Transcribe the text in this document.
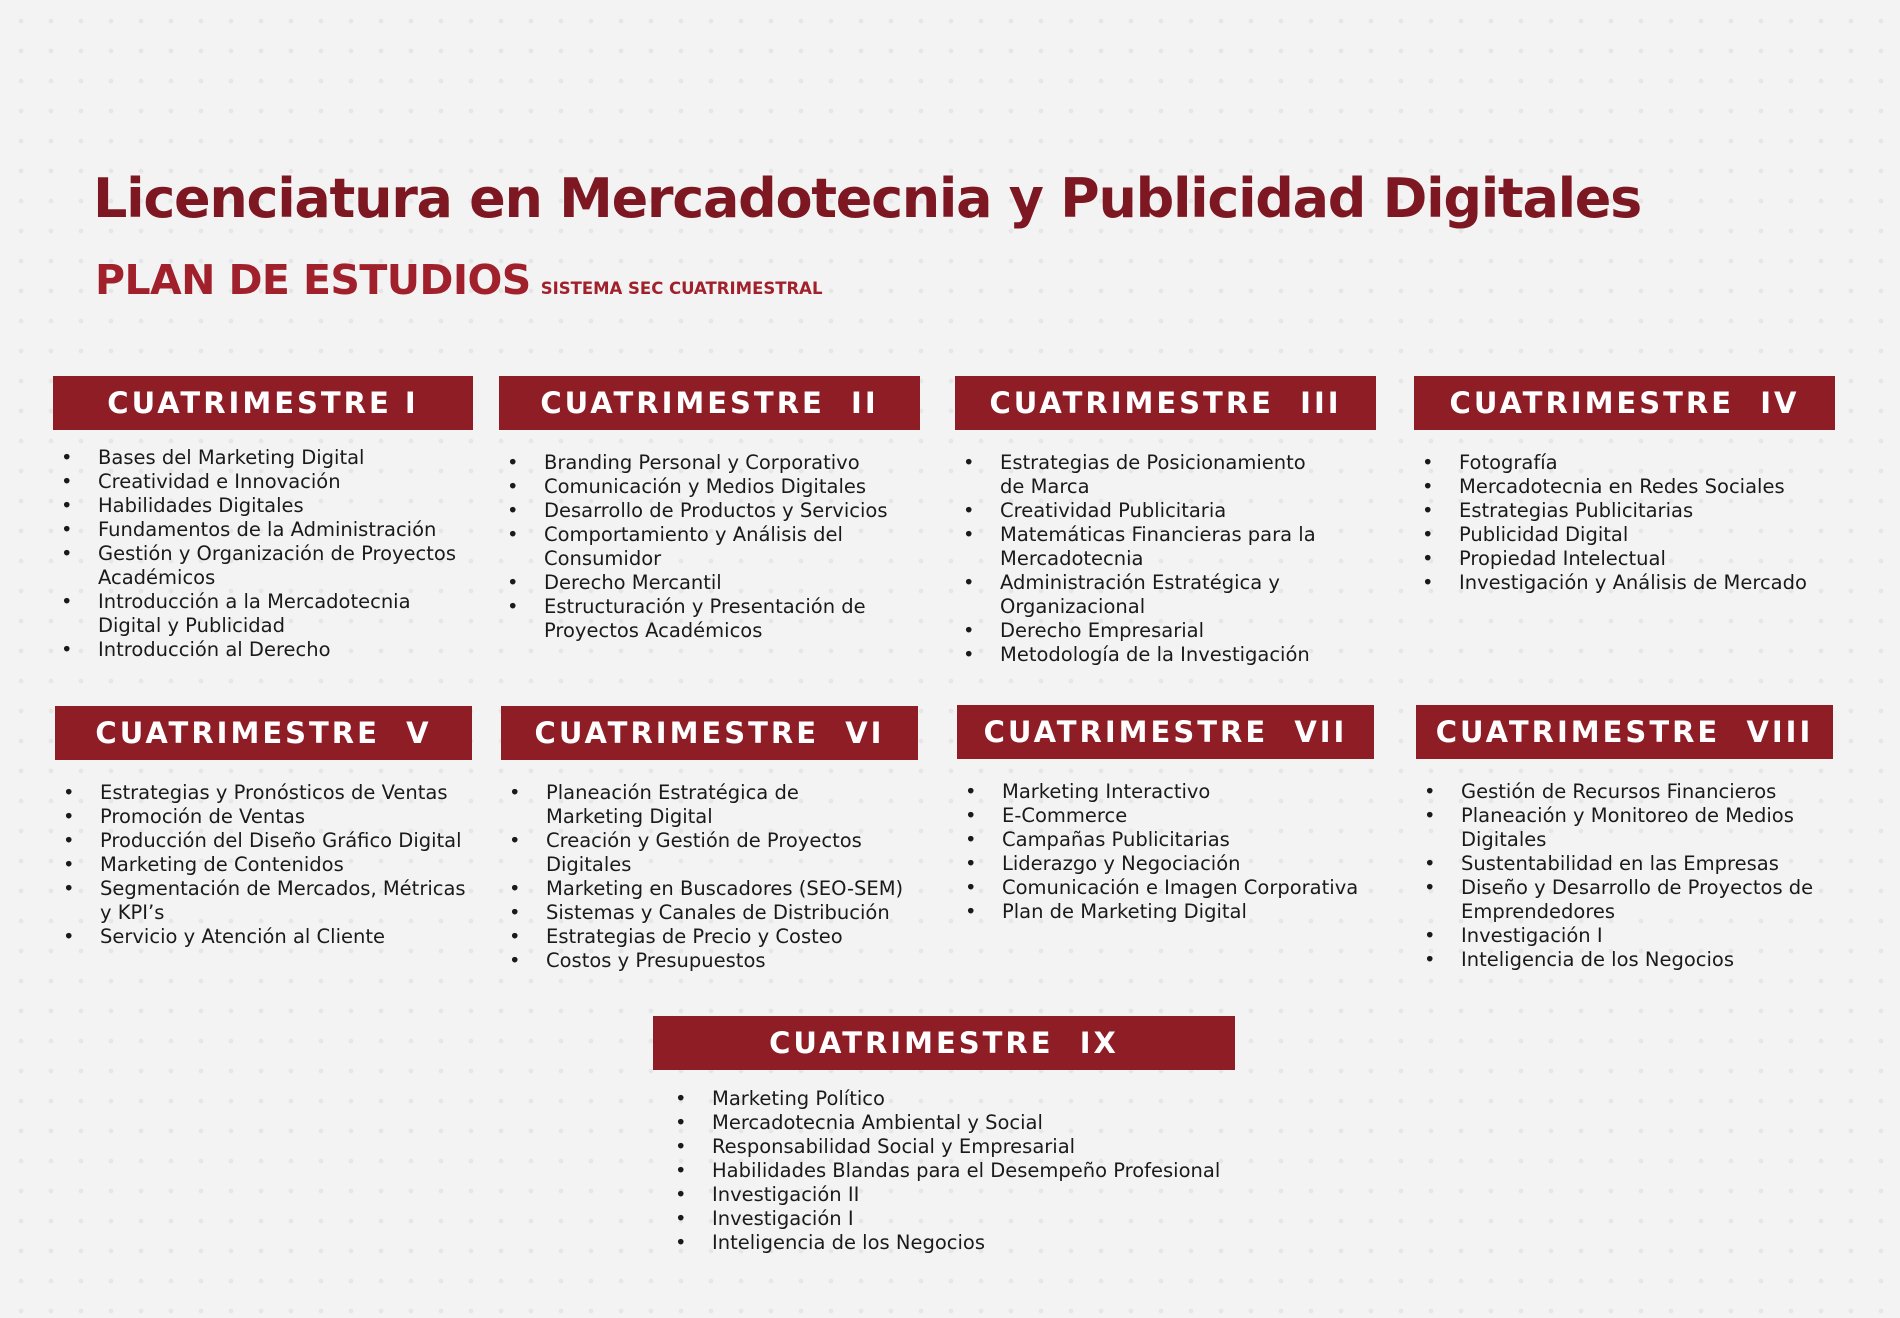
Licenciatura en Mercadotecnia y Publicidad Digitales
PLAN DE ESTUDIOS SISTEMA SEC CUATRIMESTRAL
CUATRIMESTRE I
• Bases del Marketing Digital
• Creatividad e Innovación
• Habilidades Digitales
• Fundamentos de la Administración
• Gestión y Organización de Proyectos
Académicos
• Introducción a la Mercadotecnia
Digital y Publicidad
• Introducción al Derecho
CUATRIMESTRE  II
• Branding Personal y Corporativo
• Comunicación y Medios Digitales
• Desarrollo de Productos y Servicios
• Comportamiento y Análisis del
Consumidor
• Derecho Mercantil
• Estructuración y Presentación de
Proyectos Académicos
CUATRIMESTRE  III
• Estrategias de Posicionamiento
de Marca
• Creatividad Publicitaria
• Matemáticas Financieras para la
Mercadotecnia
• Administración Estratégica y
Organizacional
• Derecho Empresarial
• Metodología de la Investigación
CUATRIMESTRE  IV
• Fotografía
• Mercadotecnia en Redes Sociales
• Estrategias Publicitarias
• Publicidad Digital
• Propiedad Intelectual
• Investigación y Análisis de Mercado
CUATRIMESTRE  V
• Estrategias y Pronósticos de Ventas
• Promoción de Ventas
• Producción del Diseño Gráfico Digital
• Marketing de Contenidos
• Segmentación de Mercados, Métricas
y KPI’s
• Servicio y Atención al Cliente
CUATRIMESTRE  VI
• Planeación Estratégica de
Marketing Digital
• Creación y Gestión de Proyectos
Digitales
• Marketing en Buscadores (SEO-SEM)
• Sistemas y Canales de Distribución
• Estrategias de Precio y Costeo
• Costos y Presupuestos
CUATRIMESTRE  VII
• Marketing Interactivo
• E-Commerce
• Campañas Publicitarias
• Liderazgo y Negociación
• Comunicación e Imagen Corporativa
• Plan de Marketing Digital
CUATRIMESTRE  VIII
• Gestión de Recursos Financieros
• Planeación y Monitoreo de Medios
Digitales
• Sustentabilidad en las Empresas
• Diseño y Desarrollo de Proyectos de
Emprendedores
• Investigación I
• Inteligencia de los Negocios
CUATRIMESTRE  IX
• Marketing Político
• Mercadotecnia Ambiental y Social
• Responsabilidad Social y Empresarial
• Habilidades Blandas para el Desempeño Profesional
• Investigación II
• Investigación I
• Inteligencia de los Negocios
